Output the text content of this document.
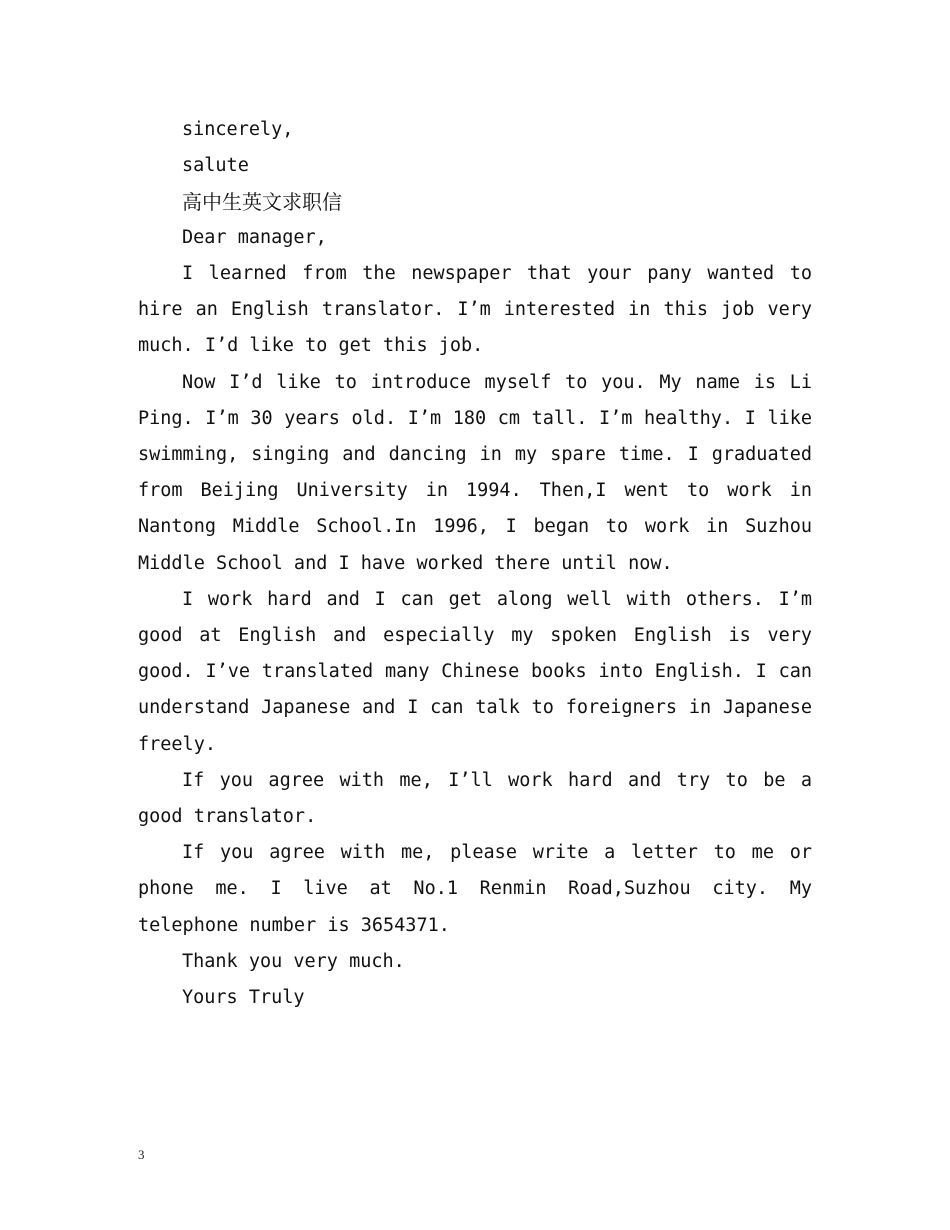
sincerely,

salute

高中生英文求职信

Dear manager,

I learned from the newspaper that your pany wanted to hire an English translator. I’m interested in this job very much. I’d like to get this job.

Now I’d like to introduce myself to you. My name is Li Ping. I’m 30 years old. I’m 180 cm tall. I’m healthy. I like swimming, singing and dancing in my spare time. I graduated from Beijing University in 1994. Then,I went to work in Nantong Middle School.In 1996, I began to work in Suzhou Middle School and I have worked there until now.

I work hard and I can get along well with others. I’m good at English and especially my spoken English is very good. I’ve translated many Chinese books into English. I can understand Japanese and I can talk to foreigners in Japanese freely.

If you agree with me, I’ll work hard and try to be a good translator.

If you agree with me, please write a letter to me or phone me. I live at No.1 Renmin Road,Suzhou city. My telephone number is 3654371.

Thank you very much.

Yours Truly

3
